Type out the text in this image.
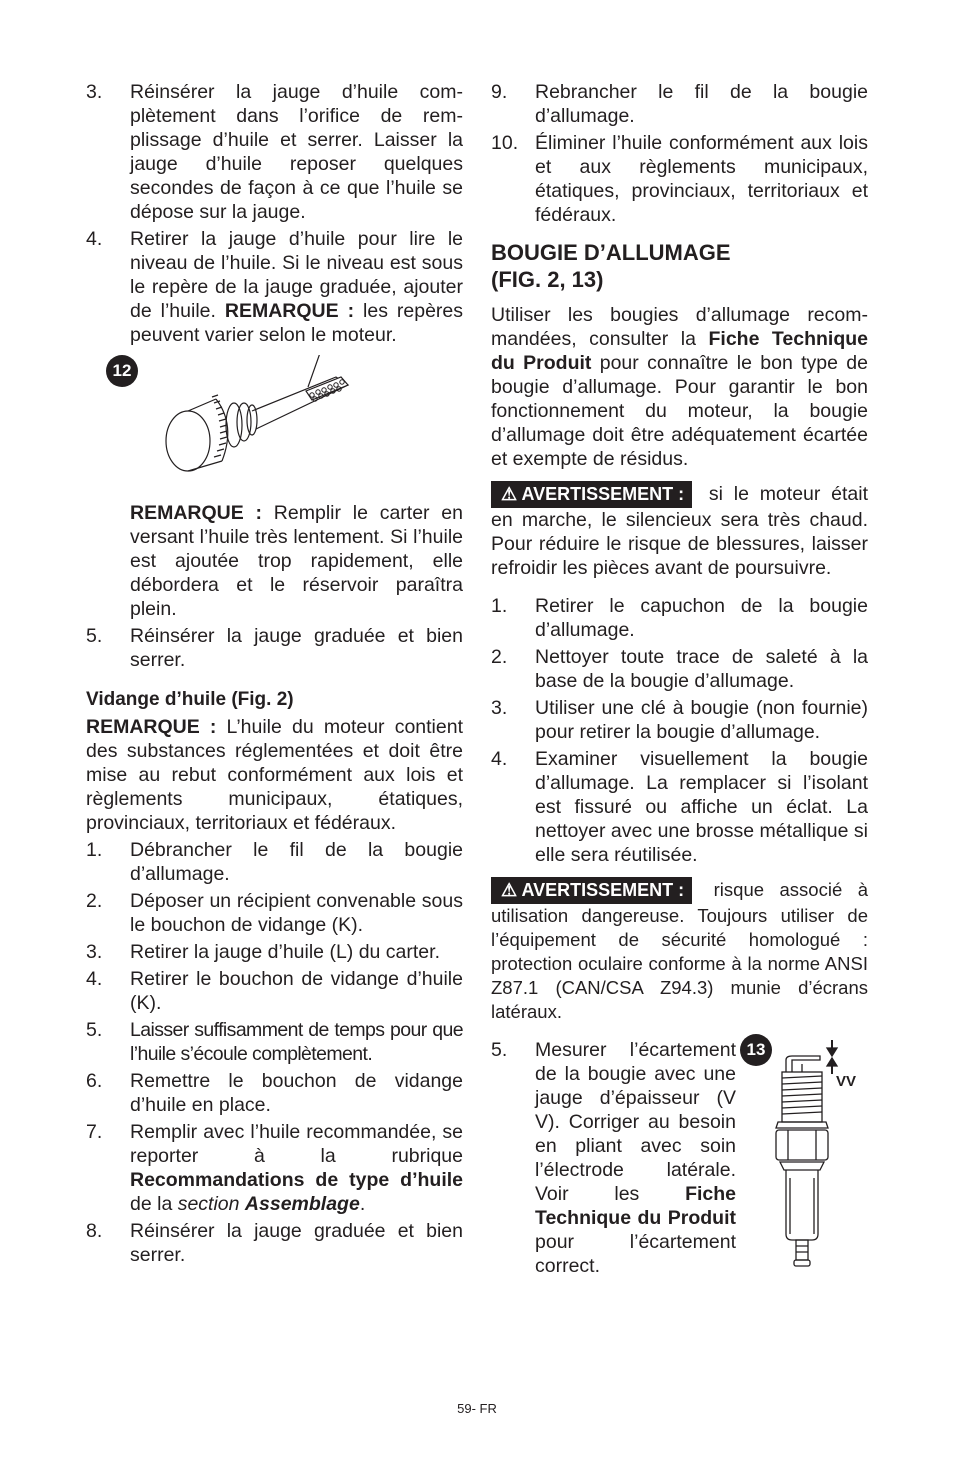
3.	Réinsérer la jauge d’huile complètement dans l’orifice de remplissage d’huile et serrer. Laisser la jauge d’huile reposer quelques secondes de façon à ce que l’huile se dépose sur la jauge.
4.	Retirer la jauge d’huile pour lire le niveau de l’huile. Si le niveau est sous le repère de la jauge graduée, ajouter de l’huile. REMARQUE : les repères peuvent varier selon le moteur.
12

REMARQUE : Remplir le carter en versant l’huile très lentement. Si l’huile est ajoutée trop rapidement, elle débordera et le réservoir paraîtra plein.

5.	Réinsérer la jauge graduée et bien serrer.
Vidange d’huile (Fig. 2)

REMARQUE : L’huile du moteur contient des substances réglementées et doit être mise au rebut conformément aux lois et règlements municipaux, étatiques, provinciaux, territoriaux et fédéraux.

1.	Débrancher le fil de la bougie d’allumage.
2.	Déposer un récipient convenable sous le bouchon de vidange (K).
3.	Retirer la jauge d’huile (L) du carter.
4.	Retirer le bouchon de vidange d’huile (K).
5.	Laisser suffisamment de temps pour que l’huile s’écoule complètement.
6.	Remettre le bouchon de vidange d’huile en place.
7.	Remplir avec l’huile recommandée, se reporter à la rubrique Recommandations de type d’huile de la section Assemblage.
8.	Réinsérer la jauge graduée et bien serrer.
9.	Rebrancher le fil de la bougie d’allumage.
10. Éliminer l’huile conformément aux lois et aux règlements municipaux, étatiques, provinciaux, territoriaux et fédéraux.
BOUGIE D’ALLUMAGE
(FIG. 2, 13)

Utiliser les bougies d’allumage recommandées, consulter la Fiche Technique du Produit pour connaître le bon type de bougie d’allumage. Pour garantir le bon fonctionnement du moteur, la bougie d’allumage doit être adéquatement écartée et exempte de résidus.

⚠ AVERTISSEMENT : si le moteur était en marche, le silencieux sera très chaud. Pour réduire le risque de blessures, laisser refroidir les pièces avant de poursuivre.

1.	Retirer le capuchon de la bougie d’allumage.
2.	Nettoyer toute trace de saleté à la base de la bougie d’allumage.
3.	Utiliser une clé à bougie (non fournie) pour retirer la bougie d’allumage.
4.	Examiner visuellement la bougie d’allumage. La remplacer si l’isolant est fissuré ou affiche un éclat. La nettoyer avec une brosse métallique si elle sera réutilisée.

⚠ AVERTISSEMENT : risque associé à utilisation dangereuse. Toujours utiliser de l’équipement de sécurité homologué : protection oculaire conforme à la norme ANSI Z87.1 (CAN/CSA Z94.3) munie d’écrans latéraux.

5.	Mesurer l’écartement de la bougie avec une jauge d’épaisseur (V V). Corriger au besoin en pliant avec soin l’électrode latérale. Voir les Fiche Technique du Produit pour l’écartement correct.
13
VV
59- FR
